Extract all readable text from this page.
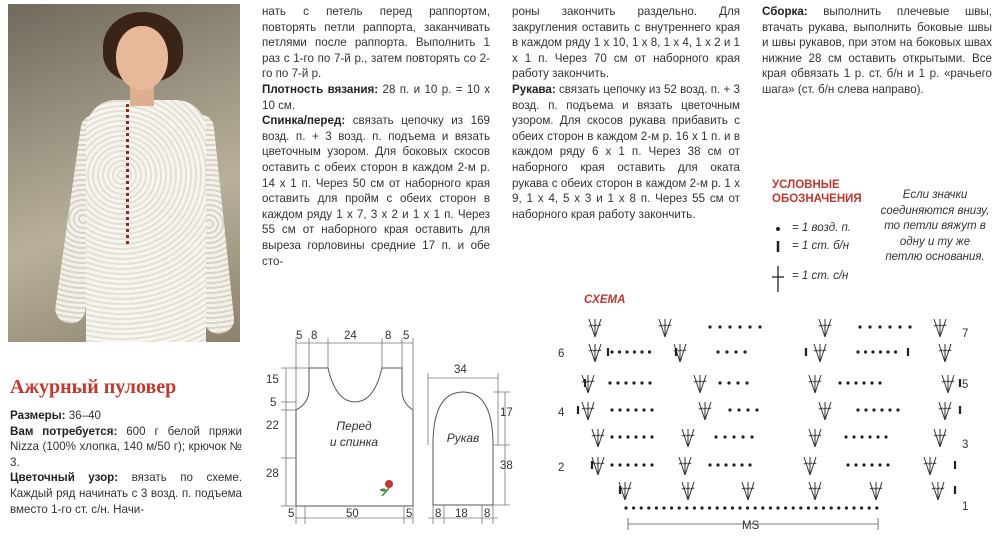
Ажурный пуловер

Размеры: 36–40

Вам потребуется: 600 г белой пряжи Nizza (100% хлопка, 140 м/50 г); крючок № 3.

Цветочный узор: вязать по схеме. Каждый ряд начинать с 3 возд. п. подъема вместо 1-го ст. с/н. Начи-

нать с петель перед раппортом, повторять петли раппорта, заканчивать петлями после раппорта. Выполнить 1 раз с 1-го по 7-й р., затем повторять со 2-го по 7-й р.

Плотность вязания: 28 п. и 10 р. = 10 x 10 см.

Спинка/перед: связать цепочку из 169 возд. п. + 3 возд. п. подъема и вязать цветочным узором. Для боковых скосов оставить с обеих сторон в каждом 2-м р. 14 x 1 п. Через 50 см от наборного края оставить для пройм с обеих сторон в каждом ряду 1 x 7, 3 x 2 и 1 x 1 п. Через 55 см от наборного края оставить для выреза горловины средние 17 п. и обе сто-

роны закончить раздельно. Для закругления оставить с внутреннего края в каждом ряду 1 x 10, 1 x 8, 1 x 4, 1 x 2 и 1 x 1 п. Через 70 см от наборного края работу закончить.

Рукава: связать цепочку из 52 возд. п. + 3 возд. п. подъема и вязать цветочным узором. Для скосов рукава прибавить с обеих сторон в каждом 2-м р. 16 x 1 п. и в каждом ряду 6 x 1 п. Через 38 см от наборного края оставить для оката рукава с обеих сторон в каждом 2-м р. 1 x 9, 1 x 4, 5 x 3 и 1 x 8 п. Через 55 см от наборного края работу закончить.

Сборка: выполнить плечевые швы, втачать рукава, выполнить боковые швы и швы рукавов, при этом на боковых швах нижние 28 см оставить открытыми. Все края обвязать 1 р. ст. б/н и 1 р. «рачьего шага» (ст. б/н слева направо).

УСЛОВНЫЕ
ОБОЗНАЧЕНИЯ
= 1 возд. п.
= 1 ст. б/н
= 1 ст. с/н
Если значки соединяются внизу, то петли вяжут в одну и ту же петлю основания.
СХЕМА
5 8 24 8 5
15
5
22
28
5	50	5
Перед
и спинка
34
17
38
8 18 8
Рукав
6
4
2
7
5
3
1
MS
